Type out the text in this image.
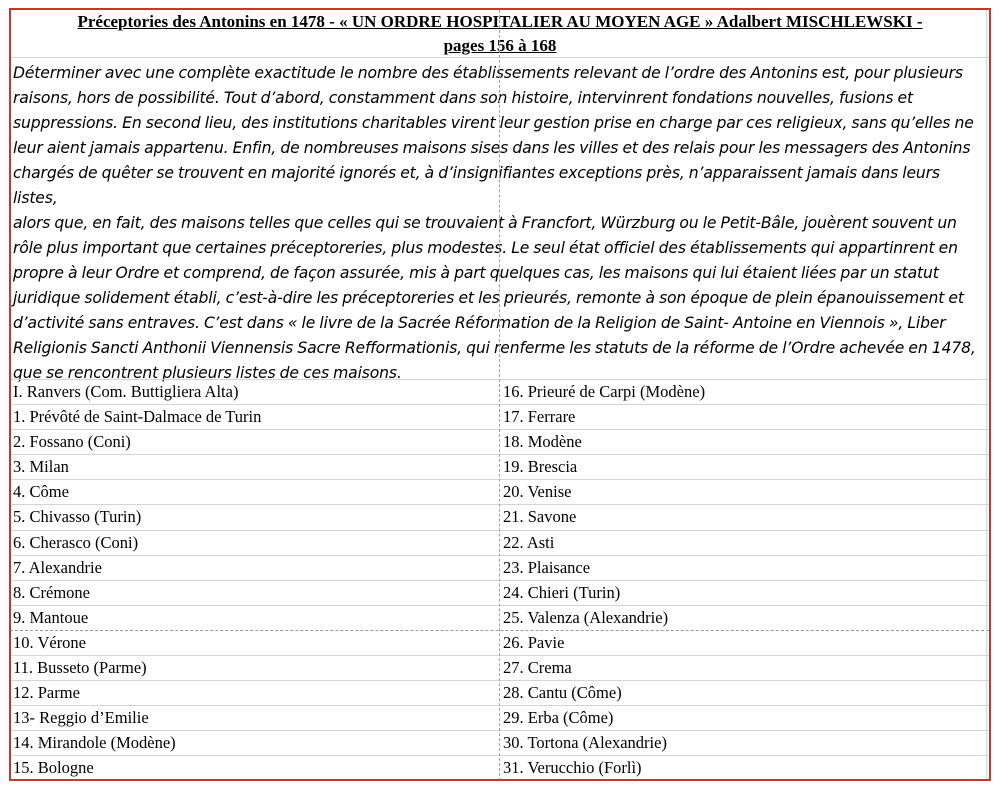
Préceptories des Antonins en 1478 - « UN ORDRE HOSPITALIER AU MOYEN AGE » Adalbert MISCHLEWSKI -
pages 156 à 168
Déterminer avec une complète exactitude le nombre des établissements relevant de l’ordre des Antonins est, pour plusieurs
raisons, hors de possibilité. Tout d’abord, constamment dans son histoire, intervinrent fondations nouvelles, fusions et
suppressions. En second lieu, des institutions charitables virent leur gestion prise en charge par ces religieux, sans qu’elles ne
leur aient jamais appartenu. Enfin, de nombreuses maisons sises dans les villes et des relais pour les messagers des Antonins
chargés de quêter se trouvent en majorité ignorés et, à d’insignifiantes exceptions près, n’apparaissent jamais dans leurs listes,
alors que, en fait, des maisons telles que celles qui se trouvaient à Francfort, Würzburg ou le Petit-Bâle, jouèrent souvent un
rôle plus important que certaines préceptoreries, plus modestes. Le seul état officiel des établissements qui appartinrent en
propre à leur Ordre et comprend, de façon assurée, mis à part quelques cas, les maisons qui lui étaient liées par un statut
juridique solidement établi, c’est-à-dire les préceptoreries et les prieurés, remonte à son époque de plein épanouissement et
d’activité sans entraves. C’est dans « le livre de la Sacrée Réformation de la Religion de Saint- Antoine en Viennois », Liber
Religionis Sancti Anthonii Viennensis Sacre Refformationis, qui renferme les statuts de la réforme de l’Ordre achevée en 1478,
que se rencontrent plusieurs listes de ces maisons.
I. Ranvers (Com. Buttigliera Alta)	16. Prieuré de Carpi (Modène)
1. Prévôté de Saint-Dalmace de Turin	17. Ferrare
2. Fossano (Coni)	18. Modène
3. Milan	19. Brescia
4. Côme	20. Venise
5. Chivasso (Turin)	21. Savone
6. Cherasco (Coni)	22. Asti
7. Alexandrie	23. Plaisance
8. Crémone	24. Chieri (Turin)
9. Mantoue	25. Valenza (Alexandrie)
10. Vérone	26. Pavie
11. Busseto (Parme)	27. Crema
12. Parme	28. Cantu (Côme)
13- Reggio d’Emilie	29. Erba (Côme)
14. Mirandole (Modène)	30. Tortona (Alexandrie)
15. Bologne	31. Verucchio (Forlì)
